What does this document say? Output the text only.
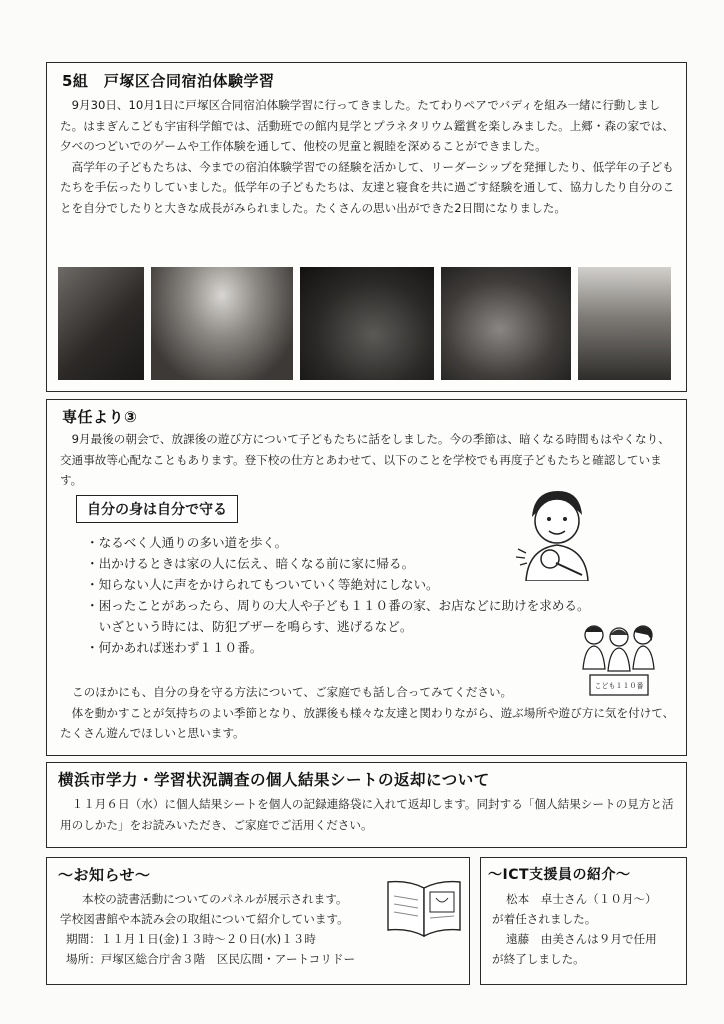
5組　戸塚区合同宿泊体験学習

　9月30日、10月1日に戸塚区合同宿泊体験学習に行ってきました。たてわりペアでバディを組み一緒に行動しました。はまぎんこども宇宙科学館では、活動班での館内見学とプラネタリウム鑑賞を楽しみました。上郷・森の家では、夕べのつどいでのゲームや工作体験を通して、他校の児童と親睦を深めることができました。

　高学年の子どもたちは、今までの宿泊体験学習での経験を活かして、リーダーシップを発揮したり、低学年の子どもたちを手伝ったりしていました。低学年の子どもたちは、友達と寝食を共に過ごす経験を通して、協力したり自分のことを自分でしたりと大きな成長がみられました。たくさんの思い出ができた2日間になりました。

専任より③
　9月最後の朝会で、放課後の遊び方について子どもたちに話をしました。今の季節は、暗くなる時間もはやくなり、交通事故等心配なこともあります。登下校の仕方とあわせて、以下のことを学校でも再度子どもたちと確認しています。
自分の身は自分で守る
・なるべく人通りの多い道を歩く。
・出かけるときは家の人に伝え、暗くなる前に家に帰る。
・知らない人に声をかけられてもついていく等絶対にしない。
・困ったことがあったら、周りの大人や子ども１１０番の家、お店などに助けを求める。
　いざという時には、防犯ブザーを鳴らす、逃げるなど。
・何かあれば迷わず１１０番。

このほかにも、自分の身を守る方法について、ご家庭でも話し合ってみてください。

　体を動かすことが気持ちのよい季節となり、放課後も様々な友達と関わりながら、遊ぶ場所や遊び方に気を付けて、たくさん遊んでほしいと思います。

こども１１０番
横浜市学力・学習状況調査の個人結果シートの返却について
　１１月６日（水）に個人結果シートを個人の記録連絡袋に入れて返却します。同封する「個人結果シートの見方と活用のしかた」をお読みいただき、ご家庭でご活用ください。
～お知らせ～

本校の読書活動についてのパネルが展示されます。

学校図書館や本読み会の取組について紹介しています。

期間：１１月１日(金)１３時～２０日(水)１３時

場所：戸塚区総合庁舎３階　区民広間・アートコリドー

～ICT支援員の紹介～

松本　卓士さん（１０月～）

が着任されました。

遠藤　由美さんは９月で任用

が終了しました。
